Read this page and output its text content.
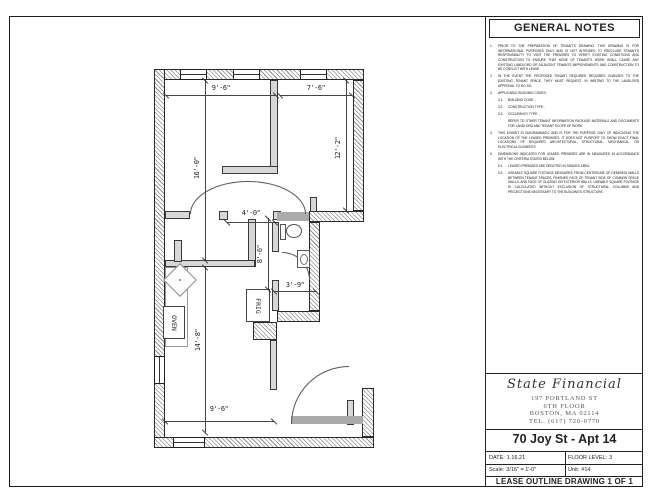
OVEN
FRIG
9'-6"	7'-6"
16'-0"
12'-2"
4'-0"
8'-6"
3'-9"
14'-8"
9'-6"
GENERAL NOTES
1.	PRIOR TO THE PREPARATION OF TENANT'S DRAWING. THIS DRAWING IS FOR INFORMATIONAL PURPOSES ONLY AND IS NOT INTENDED TO PRECLUDE TENANT'S RESPONSIBILITY TO VISIT THE PREMISES TO VERIFY EXISTING CONDITIONS AND CONSTRUCTION TO ENSURE THAT NONE OF TENANT'S WORK SHALL CAUSE ANY EXISTING LANDLORD OR ADJACENT TENANTS IMPROVEMENTS AND CONSTRUCTION TO BE CONFLICT WITH LEASE.
2.	IN THE EVENT THE PROPOSED TENANT REQUIRED REQUIRES CHANGES TO THE EXISTING TENANT SPACE, THEY MUST REQUEST, IN WRITING TO THE LANDLORD APPROVAL TO DO SO.
3.	APPLICABLE BUILDING CODES:
3.1.	BUILDING CODE: -
3.2.	CONSTRUCTION TYPE: -
3.3.	OCCUPANCY TYPE: -
REFER TO OTHER TENANT INFORMATION PACKAGE MATERIALS AND DOCUMENTS FOR LANDLORD AND TENANT SCOPE OF WORK.
4.	THIS EXHIBIT IS DIAGRAMMATIC AND IS FOR THE PURPOSE ONLY OF INDICATING THE LOCATION OF THE LEASED PREMISES. IT DOES NOT PURPORT TO SHOW EXACT FINAL LOCATIONS OF REQUIRED ARCHITECTURAL, STRUCTURAL, MECHANICAL, OR ELECTRICAL ELEMENTS.
5.	DIMENSIONS INDICATED FOR LEASED PREMISES ARE IN MEASURED IN ACCORDANCE WITH THE CRITERIA STATED BELOW:
5.1.	LEASED PREMISES ARE DENOTED IN SHADED AREA.
5.2.	USEABLE SQUARE FOOTAGE MEASURED FROM CENTERLINE OF DEMISING WALLS BETWEEN TENANT SPACES, FINISHED FACE OF TENANT SIDE OF COMMON SPACE WALLS, AND FACE OF GLAZING ON EXTERIOR WALLS. USEABLE SQUARE FOOTAGE IS CALCULATED WITHOUT EXCLUSION OF STRUCTURAL COLUMNS AND PROJECTIONS NECESSARY TO THE BUILDING'S STRUCTURE.
State Financial
197 PORTLAND ST
6TH FLOOR
BOSTON, MA 02114
TEL. (617) 720-0770
70 Joy St - Apt 14
DATE: 1.16.21	FLOOR LEVEL: 3
Scale: 3/16" = 1'-0"	Unit: #14
LEASE OUTLINE DRAWING 1 OF 1
